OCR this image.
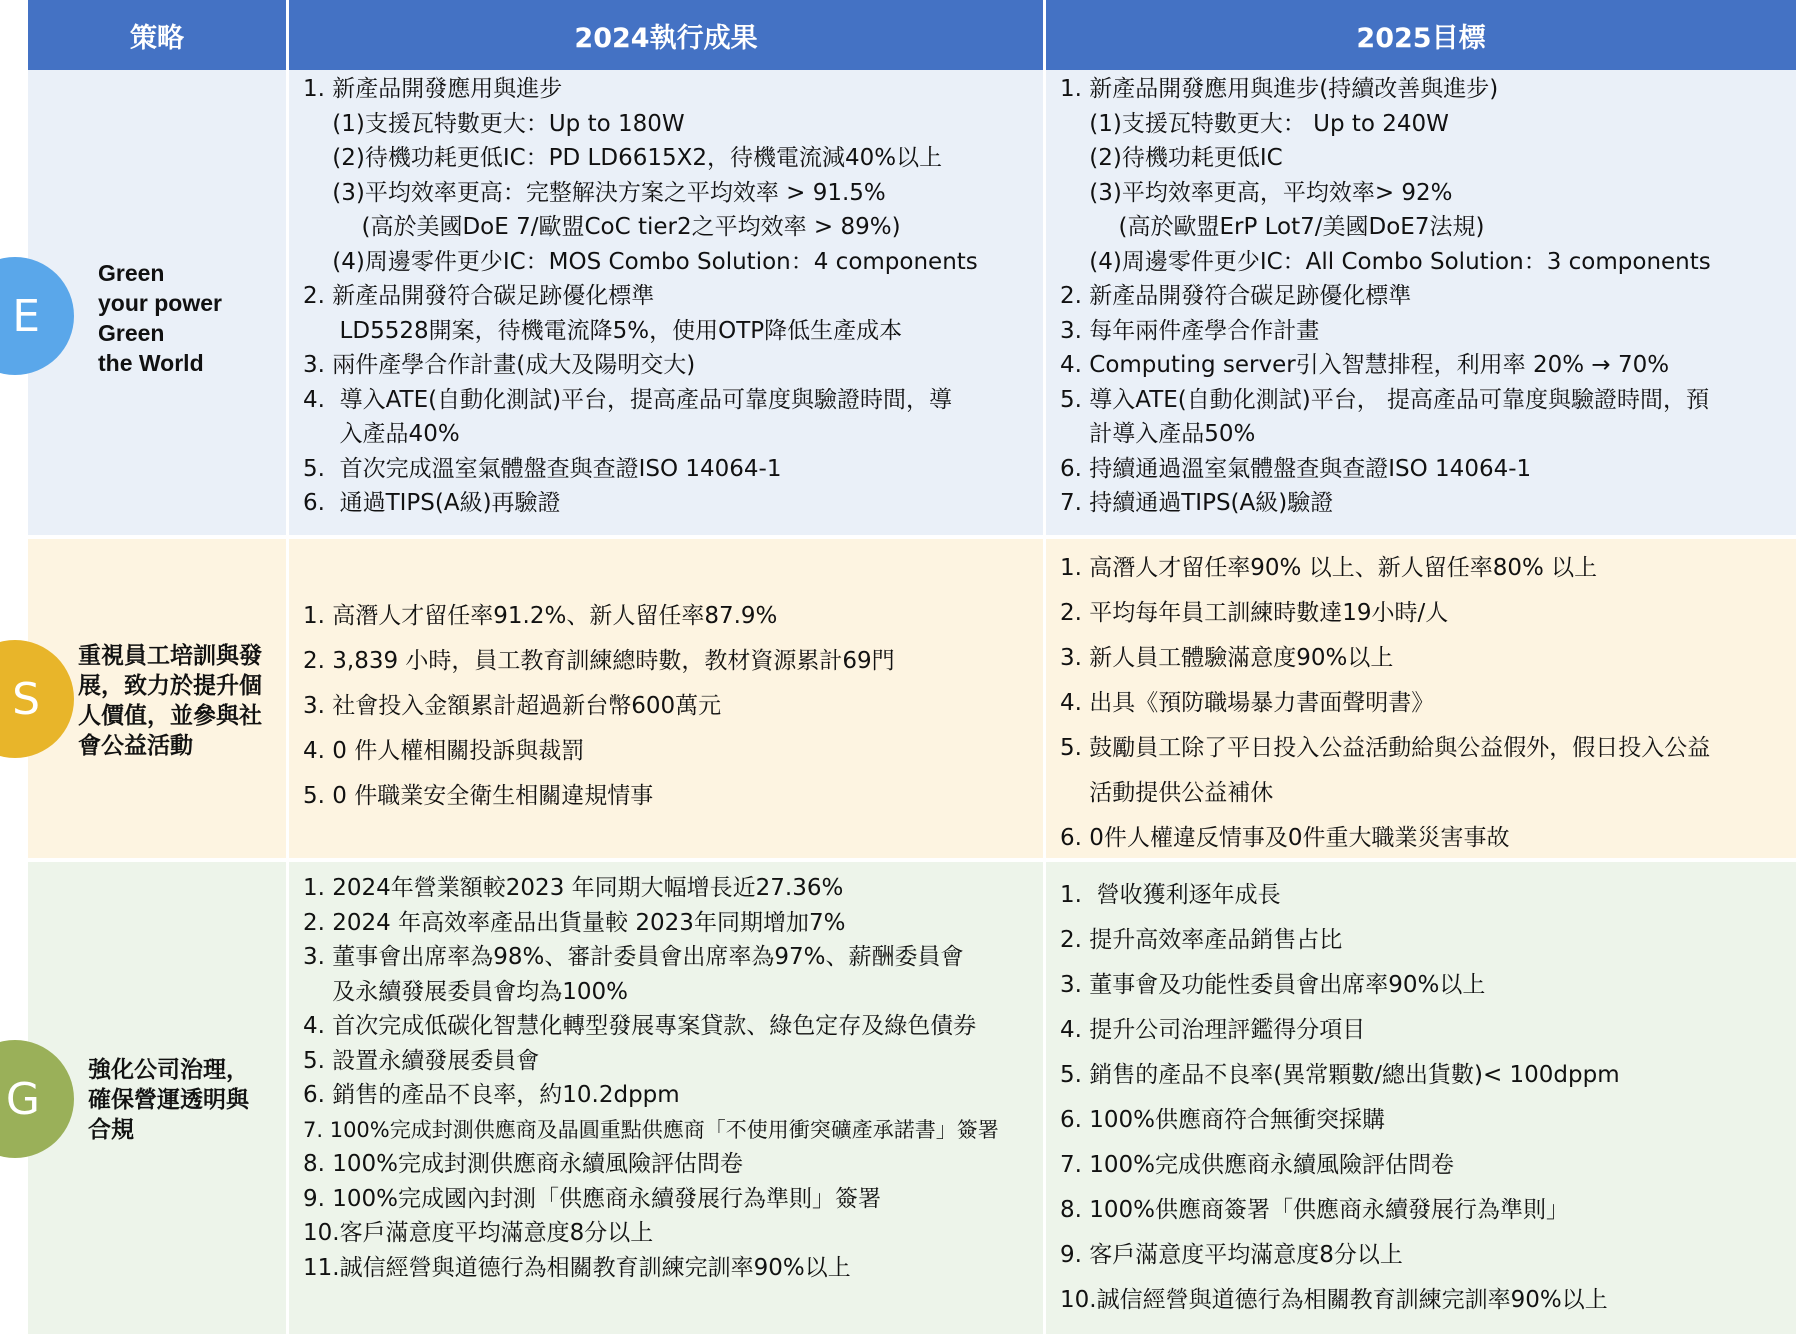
策略	2024執行成果	2025目標
E
Green
your power
Green
the World
1. 新產品開發應用與進步
(1)支援瓦特數更大：Up to 180W
(2)待機功耗更低IC：PD LD6615X2，待機電流減40%以上
(3)平均效率更高：完整解決方案之平均效率 > 91.5%
(高於美國DoE 7/歐盟CoC tier2之平均效率 > 89%)
(4)周邊零件更少IC：MOS Combo Solution：4 components
2. 新產品開發符合碳足跡優化標準
LD5528開案，待機電流降5%，使用OTP降低生產成本
3. 兩件產學合作計畫(成大及陽明交大)
4.  導入ATE(自動化測試)平台，提高產品可靠度與驗證時間，導
入產品40%
5.  首次完成溫室氣體盤查與查證ISO 14064-1
6.  通過TIPS(A級)再驗證
1. 新產品開發應用與進步(持續改善與進步)
(1)支援瓦特數更大： Up to 240W
(2)待機功耗更低IC
(3)平均效率更高，平均效率> 92%
(高於歐盟ErP Lot7/美國DoE7法規)
(4)周邊零件更少IC：All Combo Solution：3 components
2. 新產品開發符合碳足跡優化標準
3. 每年兩件產學合作計畫
4. Computing server引入智慧排程，利用率 20% → 70%
5. 導入ATE(自動化測試)平台， 提高產品可靠度與驗證時間，預
計導入產品50%
6. 持續通過溫室氣體盤查與查證ISO 14064-1
7. 持續通過TIPS(A級)驗證
S
重視員工培訓與發
展，致力於提升個
人價值，並參與社
會公益活動
1. 高潛人才留任率91.2%、新人留任率87.9%
2. 3,839 小時，員工教育訓練總時數，教材資源累計69門
3. 社會投入金額累計超過新台幣600萬元
4. 0 件人權相關投訴與裁罰
5. 0 件職業安全衛生相關違規情事
1. 高潛人才留任率90% 以上、新人留任率80% 以上
2. 平均每年員工訓練時數達19小時/人
3. 新人員工體驗滿意度90%以上
4. 出具《預防職場暴力書面聲明書》
5. 鼓勵員工除了平日投入公益活動給與公益假外，假日投入公益
活動提供公益補休
6. 0件人權違反情事及0件重大職業災害事故
G
強化公司治理，
確保營運透明與
合規
1. 2024年營業額較2023 年同期大幅增長近27.36%
2. 2024 年高效率產品出貨量較 2023年同期增加7%
3. 董事會出席率為98%、審計委員會出席率為97%、薪酬委員會
及永續發展委員會均為100%
4. 首次完成低碳化智慧化轉型發展專案貸款、綠色定存及綠色債券
5. 設置永續發展委員會
6. 銷售的產品不良率，約10.2dppm
7. 100%完成封測供應商及晶圓重點供應商「不使用衝突礦產承諾書」簽署
8. 100%完成封測供應商永續風險評估問卷
9. 100%完成國內封測「供應商永續發展行為準則」簽署
10.客戶滿意度平均滿意度8分以上
11.誠信經營與道德行為相關教育訓練完訓率90%以上
1.  營收獲利逐年成長
2. 提升高效率產品銷售占比
3. 董事會及功能性委員會出席率90%以上
4. 提升公司治理評鑑得分項目
5. 銷售的產品不良率(異常顆數/總出貨數)< 100dppm
6. 100%供應商符合無衝突採購
7. 100%完成供應商永續風險評估問卷
8. 100%供應商簽署「供應商永續發展行為準則」
9. 客戶滿意度平均滿意度8分以上
10.誠信經營與道德行為相關教育訓練完訓率90%以上
